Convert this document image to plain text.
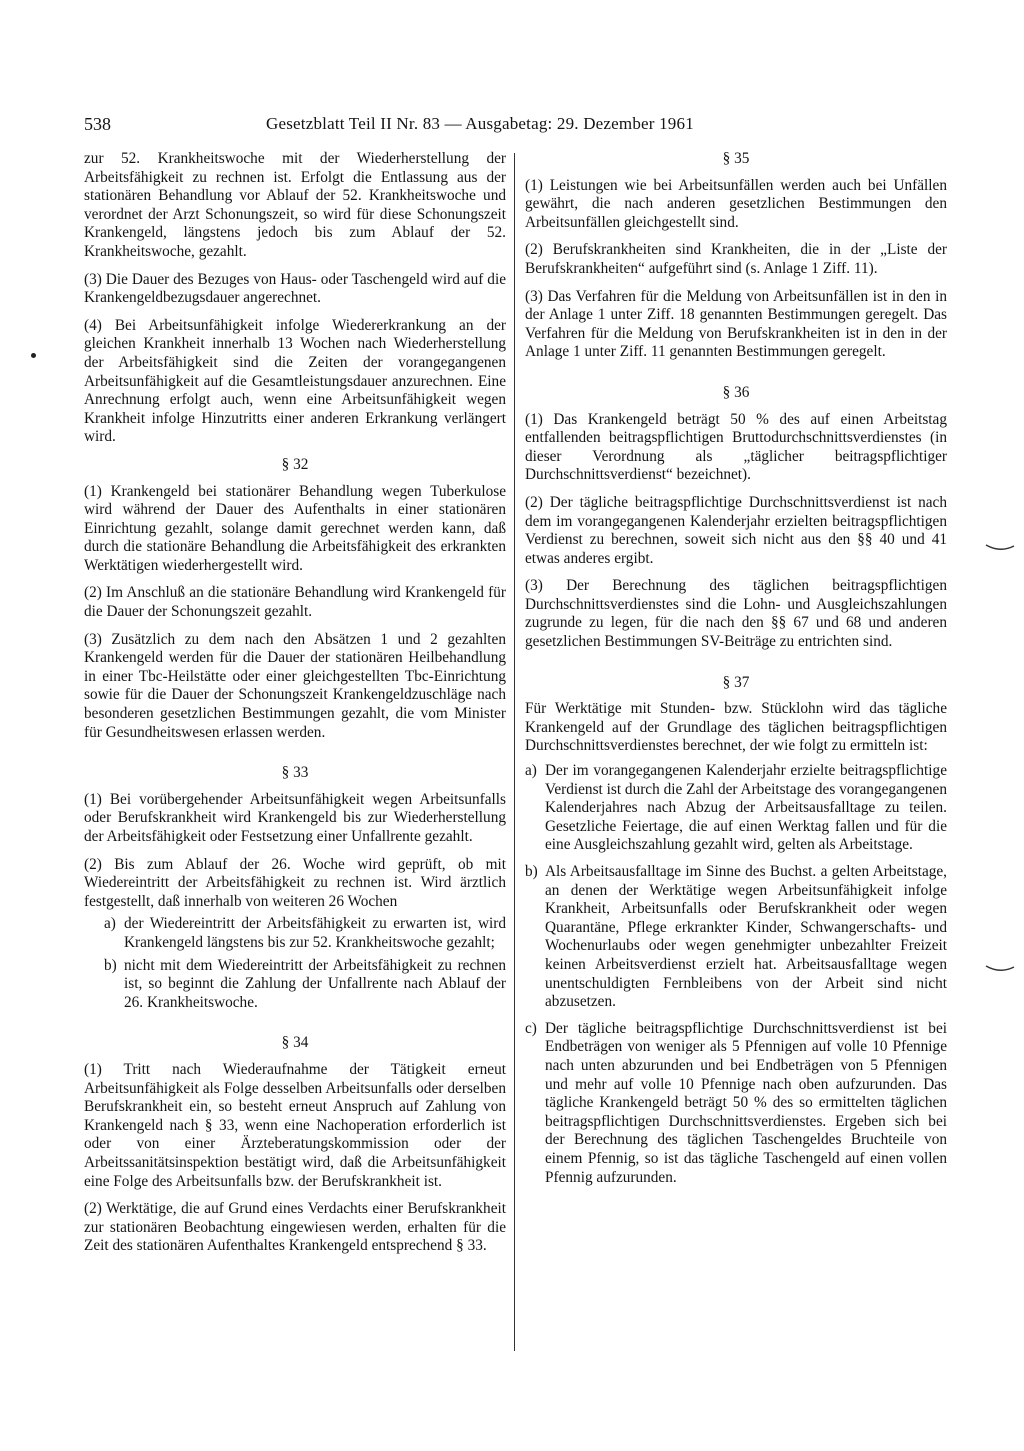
538	Gesetzblatt Teil II Nr. 83 — Ausgabetag: 29. Dezember 1961

zur 52. Krankheitswoche mit der Wiederherstellung der Arbeitsfähigkeit zu rechnen ist. Erfolgt die Entlassung aus der stationären Behandlung vor Ablauf der 52. Krankheitswoche und verordnet der Arzt Schonungszeit, so wird für diese Schonungszeit Krankengeld, längstens jedoch bis zum Ablauf der 52. Krankheitswoche, gezahlt.

(3) Die Dauer des Bezuges von Haus- oder Taschengeld wird auf die Krankengeldbezugsdauer angerechnet.

(4) Bei Arbeitsunfähigkeit infolge Wiedererkrankung an der gleichen Krankheit innerhalb 13 Wochen nach Wiederherstellung der Arbeitsfähigkeit sind die Zeiten der vorangegangenen Arbeitsunfähigkeit auf die Gesamtleistungsdauer anzurechnen. Eine Anrechnung erfolgt auch, wenn eine Arbeitsunfähigkeit wegen Krankheit infolge Hinzutritts einer anderen Erkrankung verlängert wird.

§ 32

(1) Krankengeld bei stationärer Behandlung wegen Tuberkulose wird während der Dauer des Aufenthalts in einer stationären Einrichtung gezahlt, solange damit gerechnet werden kann, daß durch die stationäre Behandlung die Arbeitsfähigkeit des erkrankten Werktätigen wiederhergestellt wird.

(2) Im Anschluß an die stationäre Behandlung wird Krankengeld für die Dauer der Schonungszeit gezahlt.

(3) Zusätzlich zu dem nach den Absätzen 1 und 2 gezahlten Krankengeld werden für die Dauer der stationären Heilbehandlung in einer Tbc-Heilstätte oder einer gleichgestellten Tbc-Einrichtung sowie für die Dauer der Schonungszeit Krankengeldzuschläge nach besonderen gesetzlichen Bestimmungen gezahlt, die vom Minister für Gesundheitswesen erlassen werden.

§ 33

(1) Bei vorübergehender Arbeitsunfähigkeit wegen Arbeitsunfalls oder Berufskrankheit wird Krankengeld bis zur Wiederherstellung der Arbeitsfähigkeit oder Festsetzung einer Unfallrente gezahlt.

(2) Bis zum Ablauf der 26. Woche wird geprüft, ob mit Wiedereintritt der Arbeitsfähigkeit zu rechnen ist. Wird ärztlich festgestellt, daß innerhalb von weiteren 26 Wochen

a) der Wiedereintritt der Arbeitsfähigkeit zu erwarten ist, wird Krankengeld längstens bis zur 52. Krankheitswoche gezahlt;
b) nicht mit dem Wiedereintritt der Arbeitsfähigkeit zu rechnen ist, so beginnt die Zahlung der Unfallrente nach Ablauf der 26. Krankheitswoche.

§ 34

(1) Tritt nach Wiederaufnahme der Tätigkeit erneut Arbeitsunfähigkeit als Folge desselben Arbeitsunfalls oder derselben Berufskrankheit ein, so besteht erneut Anspruch auf Zahlung von Krankengeld nach § 33, wenn eine Nachoperation erforderlich ist oder von einer Ärzteberatungskommission oder der Arbeitssanitätsinspektion bestätigt wird, daß die Arbeitsunfähigkeit eine Folge des Arbeitsunfalls bzw. der Berufskrankheit ist.

(2) Werktätige, die auf Grund eines Verdachts einer Berufskrankheit zur stationären Beobachtung eingewiesen werden, erhalten für die Zeit des stationären Aufenthaltes Krankengeld entsprechend § 33.

§ 35

(1) Leistungen wie bei Arbeitsunfällen werden auch bei Unfällen gewährt, die nach anderen gesetzlichen Bestimmungen den Arbeitsunfällen gleichgestellt sind.

(2) Berufskrankheiten sind Krankheiten, die in der „Liste der Berufskrankheiten“ aufgeführt sind (s. Anlage 1 Ziff. 11).

(3) Das Verfahren für die Meldung von Arbeitsunfällen ist in den in der Anlage 1 unter Ziff. 18 genannten Bestimmungen geregelt. Das Verfahren für die Meldung von Berufskrankheiten ist in den in der Anlage 1 unter Ziff. 11 genannten Bestimmungen geregelt.

§ 36

(1) Das Krankengeld beträgt 50 % des auf einen Arbeitstag entfallenden beitragspflichtigen Bruttodurchschnittsverdienstes (in dieser Verordnung als „täglicher beitragspflichtiger Durchschnittsverdienst“ bezeichnet).

(2) Der tägliche beitragspflichtige Durchschnittsverdienst ist nach dem im vorangegangenen Kalenderjahr erzielten beitragspflichtigen Verdienst zu berechnen, soweit sich nicht aus den §§ 40 und 41 etwas anderes ergibt.

(3) Der Berechnung des täglichen beitragspflichtigen Durchschnittsverdienstes sind die Lohn- und Ausgleichszahlungen zugrunde zu legen, für die nach den §§ 67 und 68 und anderen gesetzlichen Bestimmungen SV-Beiträge zu entrichten sind.

§ 37

Für Werktätige mit Stunden- bzw. Stücklohn wird das tägliche Krankengeld auf der Grundlage des täglichen beitragspflichtigen Durchschnittsverdienstes berechnet, der wie folgt zu ermitteln ist:

a) Der im vorangegangenen Kalenderjahr erzielte beitragspflichtige Verdienst ist durch die Zahl der Arbeitstage des vorangegangenen Kalenderjahres nach Abzug der Arbeitsausfalltage zu teilen. Gesetzliche Feiertage, die auf einen Werktag fallen und für die eine Ausgleichszahlung gezahlt wird, gelten als Arbeitstage.
b) Als Arbeitsausfalltage im Sinne des Buchst. a gelten Arbeitstage, an denen der Werktätige wegen Arbeitsunfähigkeit infolge Krankheit, Arbeitsunfalls oder Berufskrankheit oder wegen Quarantäne, Pflege erkrankter Kinder, Schwangerschafts- und Wochenurlaubs oder wegen genehmigter unbezahlter Freizeit keinen Arbeitsverdienst erzielt hat. Arbeitsausfalltage wegen unentschuldigten Fernbleibens von der Arbeit sind nicht abzusetzen.
c) Der tägliche beitragspflichtige Durchschnittsverdienst ist bei Endbeträgen von weniger als 5 Pfennigen auf volle 10 Pfennige nach unten abzurunden und bei Endbeträgen von 5 Pfennigen und mehr auf volle 10 Pfennige nach oben aufzurunden. Das tägliche Krankengeld beträgt 50 % des so ermittelten täglichen beitragspflichtigen Durchschnittsverdienstes. Ergeben sich bei der Berechnung des täglichen Taschengeldes Bruchteile von einem Pfennig, so ist das tägliche Taschengeld auf einen vollen Pfennig aufzurunden.
